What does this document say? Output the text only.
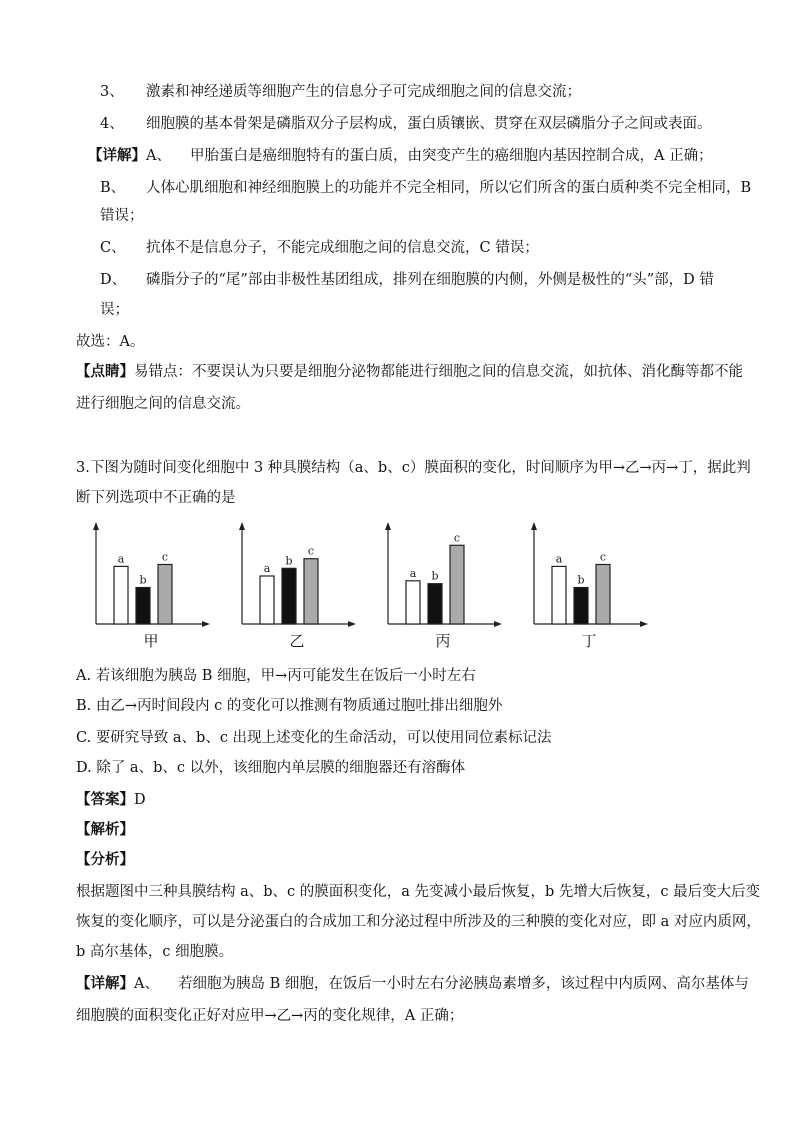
3、 激素和神经递质等细胞产生的信息分子可完成细胞之间的信息交流；
4、 细胞膜的基本骨架是磷脂双分子层构成，蛋白质镶嵌、贯穿在双层磷脂分子之间或表面。
【详解】A、 甲胎蛋白是癌细胞特有的蛋白质，由突变产生的癌细胞内基因控制合成，A 正确；
B、 人体心肌细胞和神经细胞膜上的功能并不完全相同，所以它们所含的蛋白质种类不完全相同，B
错误；
C、 抗体不是信息分子，不能完成细胞之间的信息交流，C 错误；
D、 磷脂分子的“尾”部由非极性基团组成，排列在细胞膜的内侧，外侧是极性的“头”部，D 错
误；
故选：A。
【点睛】易错点：不要误认为只要是细胞分泌物都能进行细胞之间的信息交流，如抗体、消化酶等都不能
进行细胞之间的信息交流。
3.下图为随时间变化细胞中 3 种具膜结构（a、b、c）膜面积的变化，时间顺序为甲→乙→丙→丁，据此判
断下列选项中不正确的是
a
b
c
甲
a
b
c
乙
a b
c
丙
a
b
c
丁
A. 若该细胞为胰岛 B 细胞，甲→丙可能发生在饭后一小时左右
B. 由乙→丙时间段内 c 的变化可以推测有物质通过胞吐排出细胞外
C. 要研究导致 a、b、c 出现上述变化的生命活动，可以使用同位素标记法
D. 除了 a、b、c 以外，该细胞内单层膜的细胞器还有溶酶体
【答案】D
【解析】
【分析】
根据题图中三种具膜结构 a、b、c 的膜面积变化，a 先变减小最后恢复，b 先增大后恢复，c 最后变大后变
恢复的变化顺序，可以是分泌蛋白的合成加工和分泌过程中所涉及的三种膜的变化对应，即 a 对应内质网，
b 高尔基体，c 细胞膜。
【详解】A、 若细胞为胰岛 B 细胞，在饭后一小时左右分泌胰岛素增多，该过程中内质网、高尔基体与
细胞膜的面积变化正好对应甲→乙→丙的变化规律，A 正确；
